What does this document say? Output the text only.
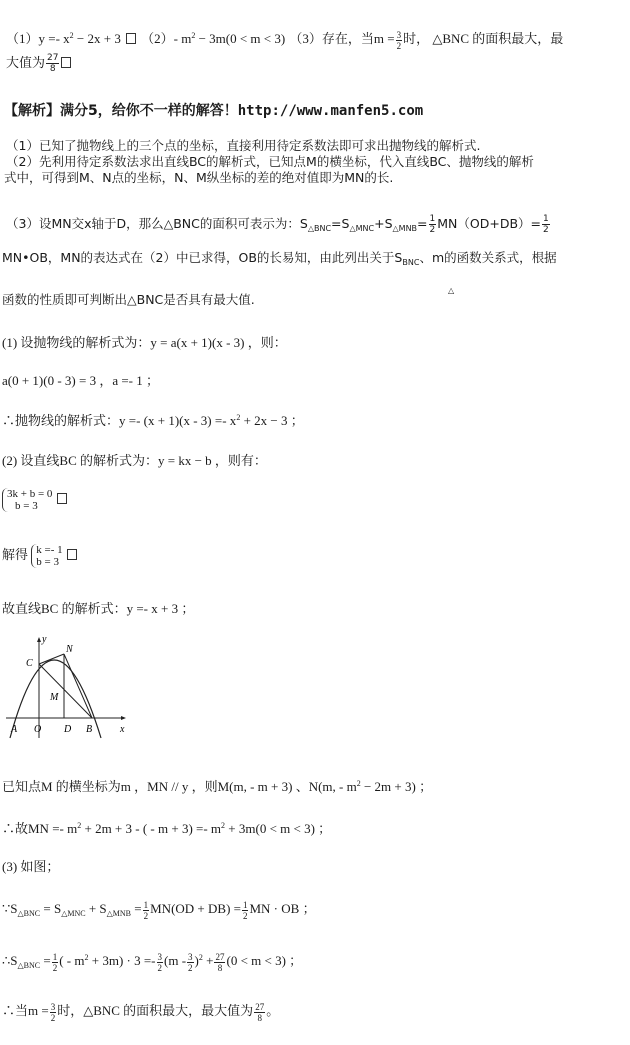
$(1)y =- x^2 - 2x + 3$ （2）- $m^2 - 3m(0 < m < 3)$ （3）存在，当$m = \frac{3}{2}$ 时， △BNC 的面积最大，最
大值为 $\frac{27}{8}$
【解析】满分5，给你不一样的解答！http://www.manfen5.com
（1）已知了抛物线上的三个点的坐标，直接利用待定系数法即可求出抛物线的解析式.
（2）先利用待定系数法求出直线BC的解析式，已知点M的横坐标，代入直线BC、抛物线的解析
式中，可得到M、N点的坐标，N、M纵坐标的差的绝对值即为MN的长.
（3）设MN交x轴于D，那么△BNC的面积可表示为：$S_{\triangle BNC}=S_{\triangle MNC}+S_{\triangle MNB}= \frac{1}{2} MN(OD+DB)= \frac{1}{2}$
MN•OB，MN的表达式在（2）中已求得，OB的长易知，由此列出关于$S_{BNC}$、m的函数关系式，根据
函数的性质即可判断出△BNC是否具有最大值.
△
(1) 设抛物线的解析式为：y = a(x + 1)(x - 3) ，则：
a(0 + 1)(0 - 3) = 3 ，a =- 1 ；
∴抛物线的解析式：$y =- (x + 1)(x - 3) =- x^2 + 2x - 3$ ；
(2) 设直线BC 的解析式为：y = kx − b ，则有：
3k + b = 0
b = 3

解得 k =- 1
b = 3

故直线BC 的解析式：y =- x + 3 ；
y
x
C
N
M
A O D B
已知点M 的横坐标为m ，MN // y ，则M(m, - m + 3) 、N(m, - $m^2 - 2m + 3$) ；
∴故MN =- $m^2 + 2m + 3$ - ( - $m + 3) =- m^2 + 3m(0 < m < 3)$ ；
(3) 如图；
$\because S_{\triangle BNC} = S_{\triangle MNC} + S_{\triangle MNB} = \frac{1}{2} MN(OD + DB) = \frac{1}{2}$ MN · OB ；
$\therefore S_{\triangle BNC} = \frac{1}{2}$ ( - $m^2 + 3m) \cdot 3 =- \frac{3}{2} (m - \frac{3}{2} )^2 + \frac{27}{8} (0 < m < 3)$ ；
∴当$m = \frac{3}{2}$ 时，△BNC 的面积最大，最大值为 $\frac{27}{8}$ 。
